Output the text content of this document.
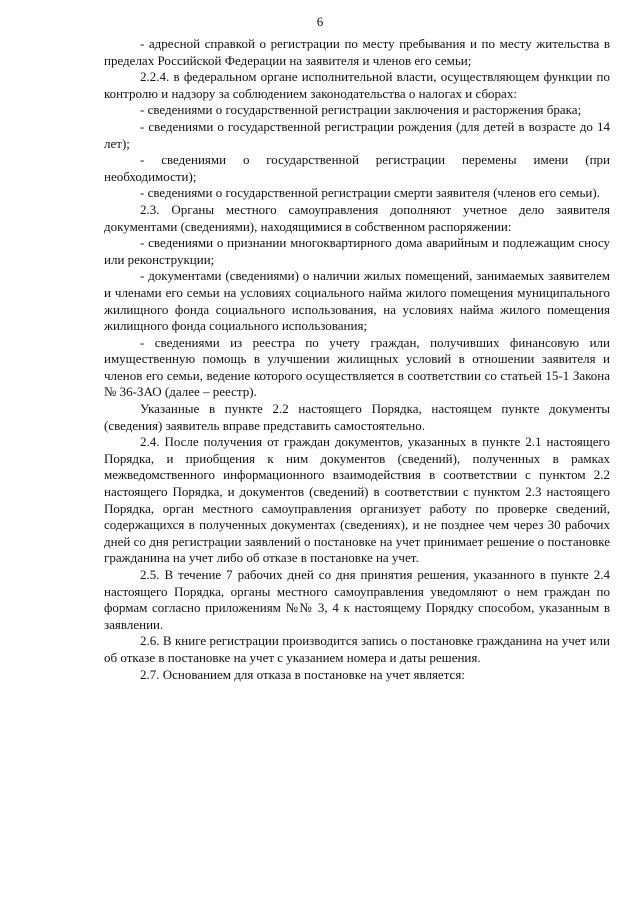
6

- адресной справкой о регистрации по месту пребывания и по месту жительства в пределах Российской Федерации на заявителя и членов его семьи;

2.2.4. в федеральном органе исполнительной власти, осуществляющем функции по контролю и надзору за соблюдением законодательства о налогах и сборах:

- сведениями о государственной регистрации заключения и расторжения брака;

- сведениями о государственной регистрации рождения (для детей в возрасте до 14 лет);

- сведениями о государственной регистрации перемены имени (при необходимости);

- сведениями о государственной регистрации смерти заявителя (членов его семьи).

2.3. Органы местного самоуправления дополняют учетное дело заявителя документами (сведениями), находящимися в собственном распоряжении:

- сведениями о признании многоквартирного дома аварийным и подлежащим сносу или реконструкции;

- документами (сведениями) о наличии жилых помещений, занимаемых заявителем и членами его семьи на условиях социального найма жилого помещения муниципального жилищного фонда социального использования, на условиях найма жилого помещения жилищного фонда социального использования;

- сведениями из реестра по учету граждан, получивших финансовую или имущественную помощь в улучшении жилищных условий в отношении заявителя и членов его семьи, ведение которого осуществляется в соответствии со статьей 15-1 Закона № 36-ЗАО (далее – реестр).

Указанные в пункте 2.2 настоящего Порядка, настоящем пункте документы (сведения) заявитель вправе представить самостоятельно.

2.4. После получения от граждан документов, указанных в пункте 2.1 настоящего Порядка, и приобщения к ним документов (сведений), полученных в рамках межведомственного информационного взаимодействия в соответствии с пунктом 2.2 настоящего Порядка, и документов (сведений) в соответствии с пунктом 2.3 настоящего Порядка, орган местного самоуправления организует работу по проверке сведений, содержащихся в полученных документах (сведениях), и не позднее чем через 30 рабочих дней со дня регистрации заявлений о постановке на учет принимает решение о постановке гражданина на учет либо об отказе в постановке на учет.

2.5. В течение 7 рабочих дней со дня принятия решения, указанного в пункте 2.4 настоящего Порядка, органы местного самоуправления уведомляют о нем граждан по формам согласно приложениям №№ 3, 4 к настоящему Порядку способом, указанным в заявлении.

2.6. В книге регистрации производится запись о постановке гражданина на учет или об отказе в постановке на учет с указанием номера и даты решения.

2.7. Основанием для отказа в постановке на учет является:
